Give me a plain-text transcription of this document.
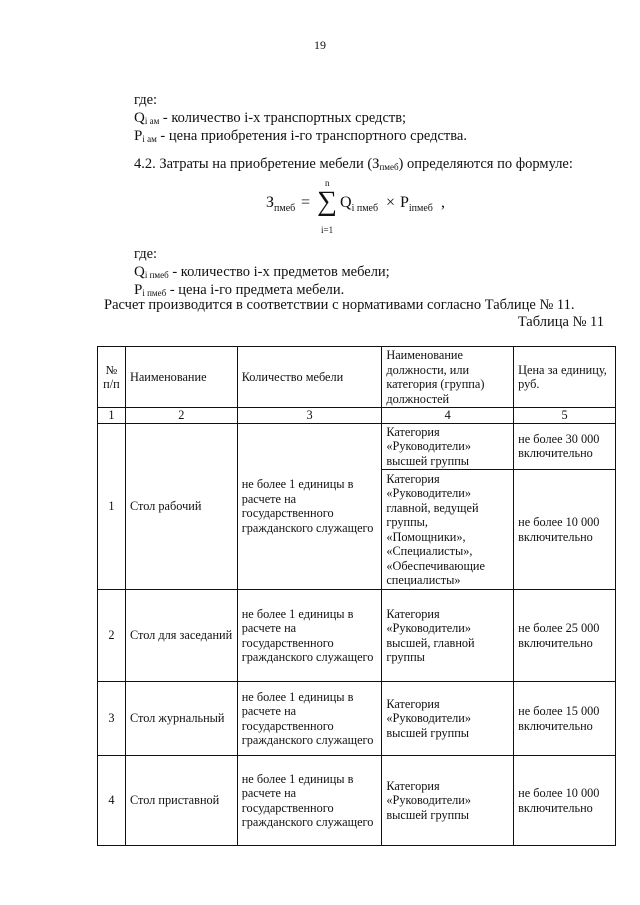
19
где:
Qi ам - количество i-х транспортных средств;
Pi ам - цена приобретения i-го транспортного средства.
4.2. Затраты на приобретение мебели (Зпмеб) определяются по формуле:
$З_{пмеб}$ =
n
∑
i=1
$Q_{i пмеб} \times P_{iпмеб}$ ,
где:
Qi пмеб - количество i-х предметов мебели;
Pi пмеб - цена i-го предмета мебели.
Расчет производится в соответствии с нормативами согласно Таблице № 11.
Таблица № 11
№ п/п	Наименование	Количество мебели	Наименование должности, или категория (группа) должностей	Цена за единицу, руб.
1	2	3	4	5
1	Стол рабочий	не более 1 единицы в расчете на государственного гражданского служащего	Категория «Руководители» высшей группы	не более 30 000 включительно
			Категория «Руководители» главной, ведущей группы, «Помощники», «Специалисты», «Обеспечивающие специалисты»	не более 10 000 включительно
2	Стол для заседаний	не более 1 единицы в расчете на государственного гражданского служащего	Категория «Руководители» высшей, главной группы	не более 25 000 включительно
3	Стол журнальный	не более 1 единицы в расчете на государственного гражданского служащего	Категория «Руководители» высшей группы	не более 15 000 включительно
4	Стол приставной	не более 1 единицы в расчете на государственного гражданского служащего	Категория «Руководители» высшей группы	не более 10 000 включительно
